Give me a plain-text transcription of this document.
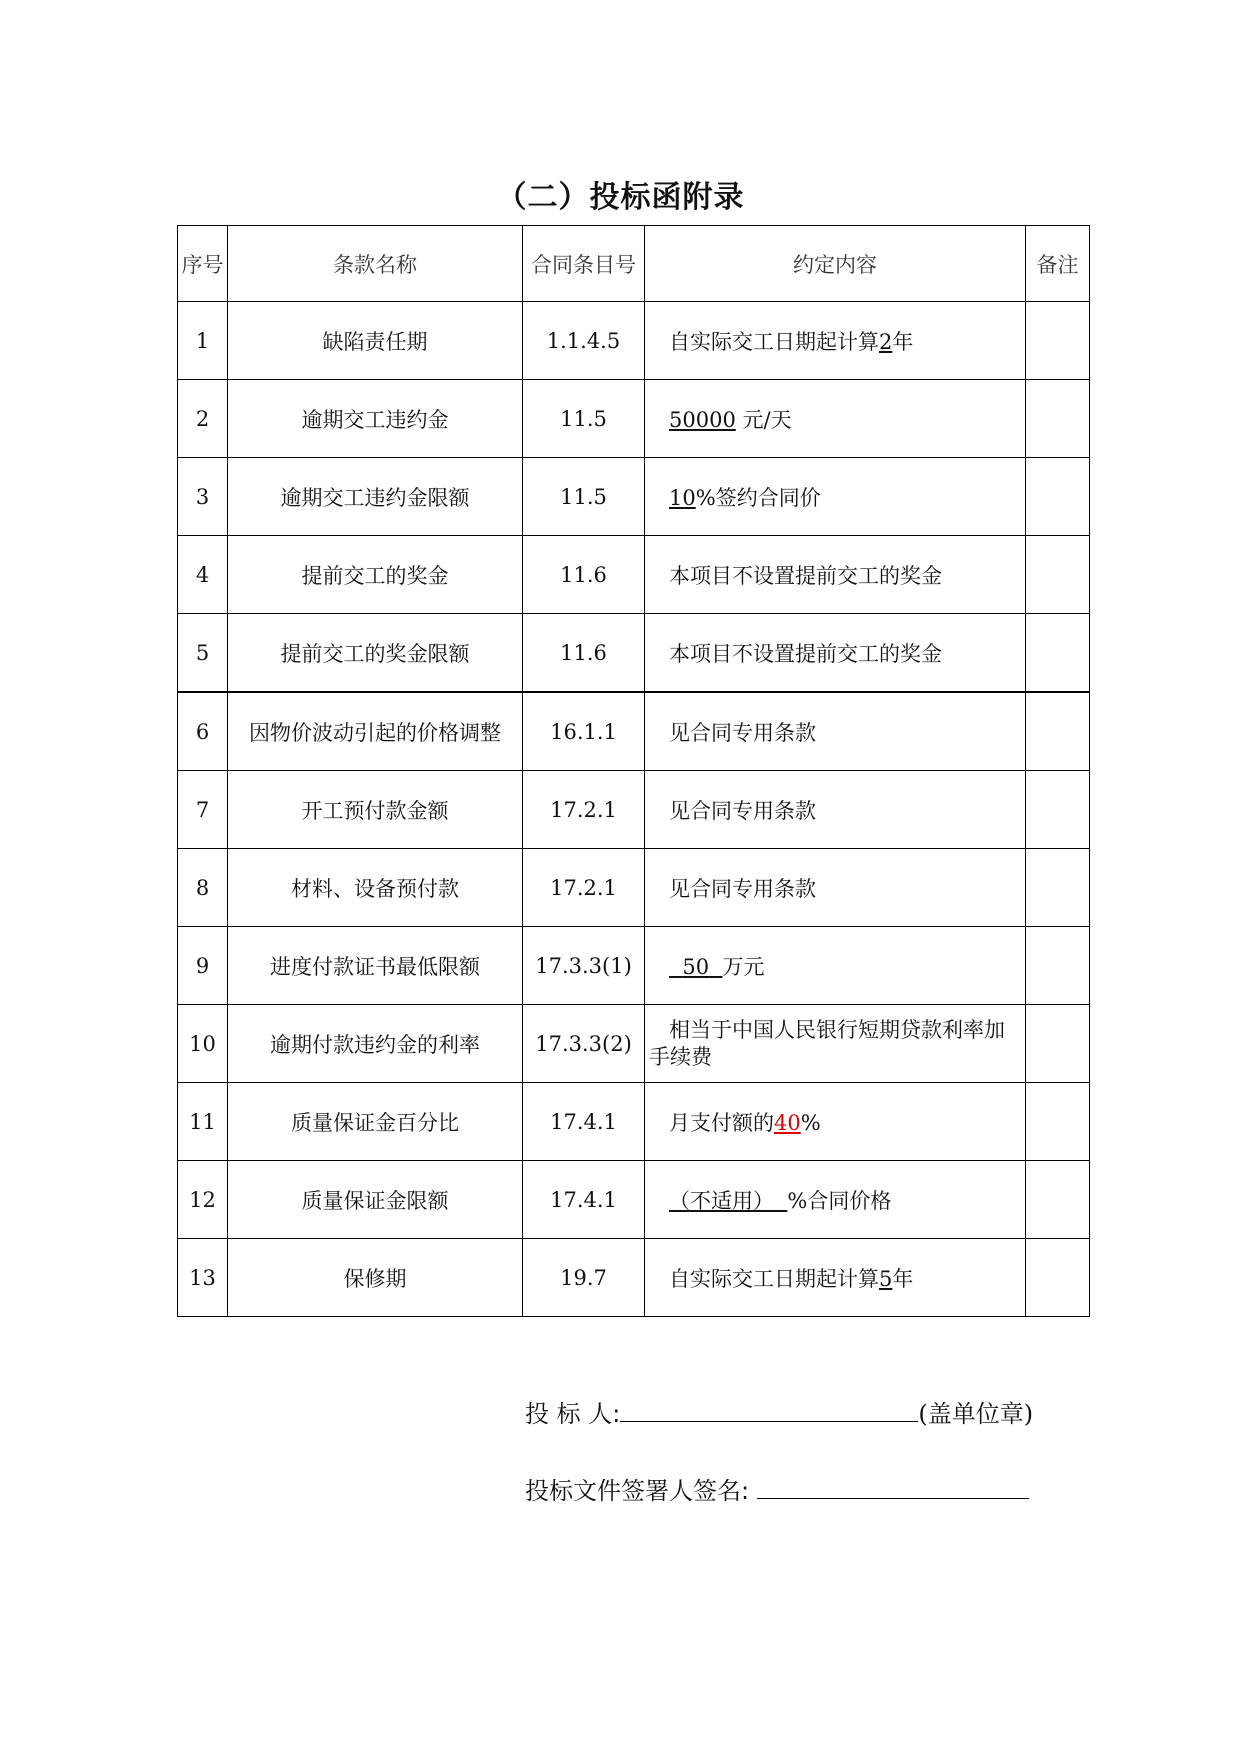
（二）投标函附录
序号	条款名称	合同条目号	约定内容	备注
1	缺陷责任期	1.1.4.5	自实际交工日期起计算2年	
2	逾期交工违约金	11.5	50000 元/天	
3	逾期交工违约金限额	11.5	10%签约合同价	
4	提前交工的奖金	11.6	本项目不设置提前交工的奖金	
5	提前交工的奖金限额	11.6	本项目不设置提前交工的奖金	
6	因物价波动引起的价格调整	16.1.1	见合同专用条款	
7	开工预付款金额	17.2.1	见合同专用条款	
8	材料、设备预付款	17.2.1	见合同专用条款	
9	进度付款证书最低限额	17.3.3(1)	50 万元	
10	逾期付款违约金的利率	17.3.3(2)	相当于中国人民银行短期贷款利率加
手续费	

11	质量保证金百分比	17.4.1	月支付额的40%	
12	质量保证金限额	17.4.1	（不适用） %合同价格	
13	保修期	19.7	自实际交工日期起计算5年	
投 标 人:	(盖单位章)
投标文件签署人签名:
